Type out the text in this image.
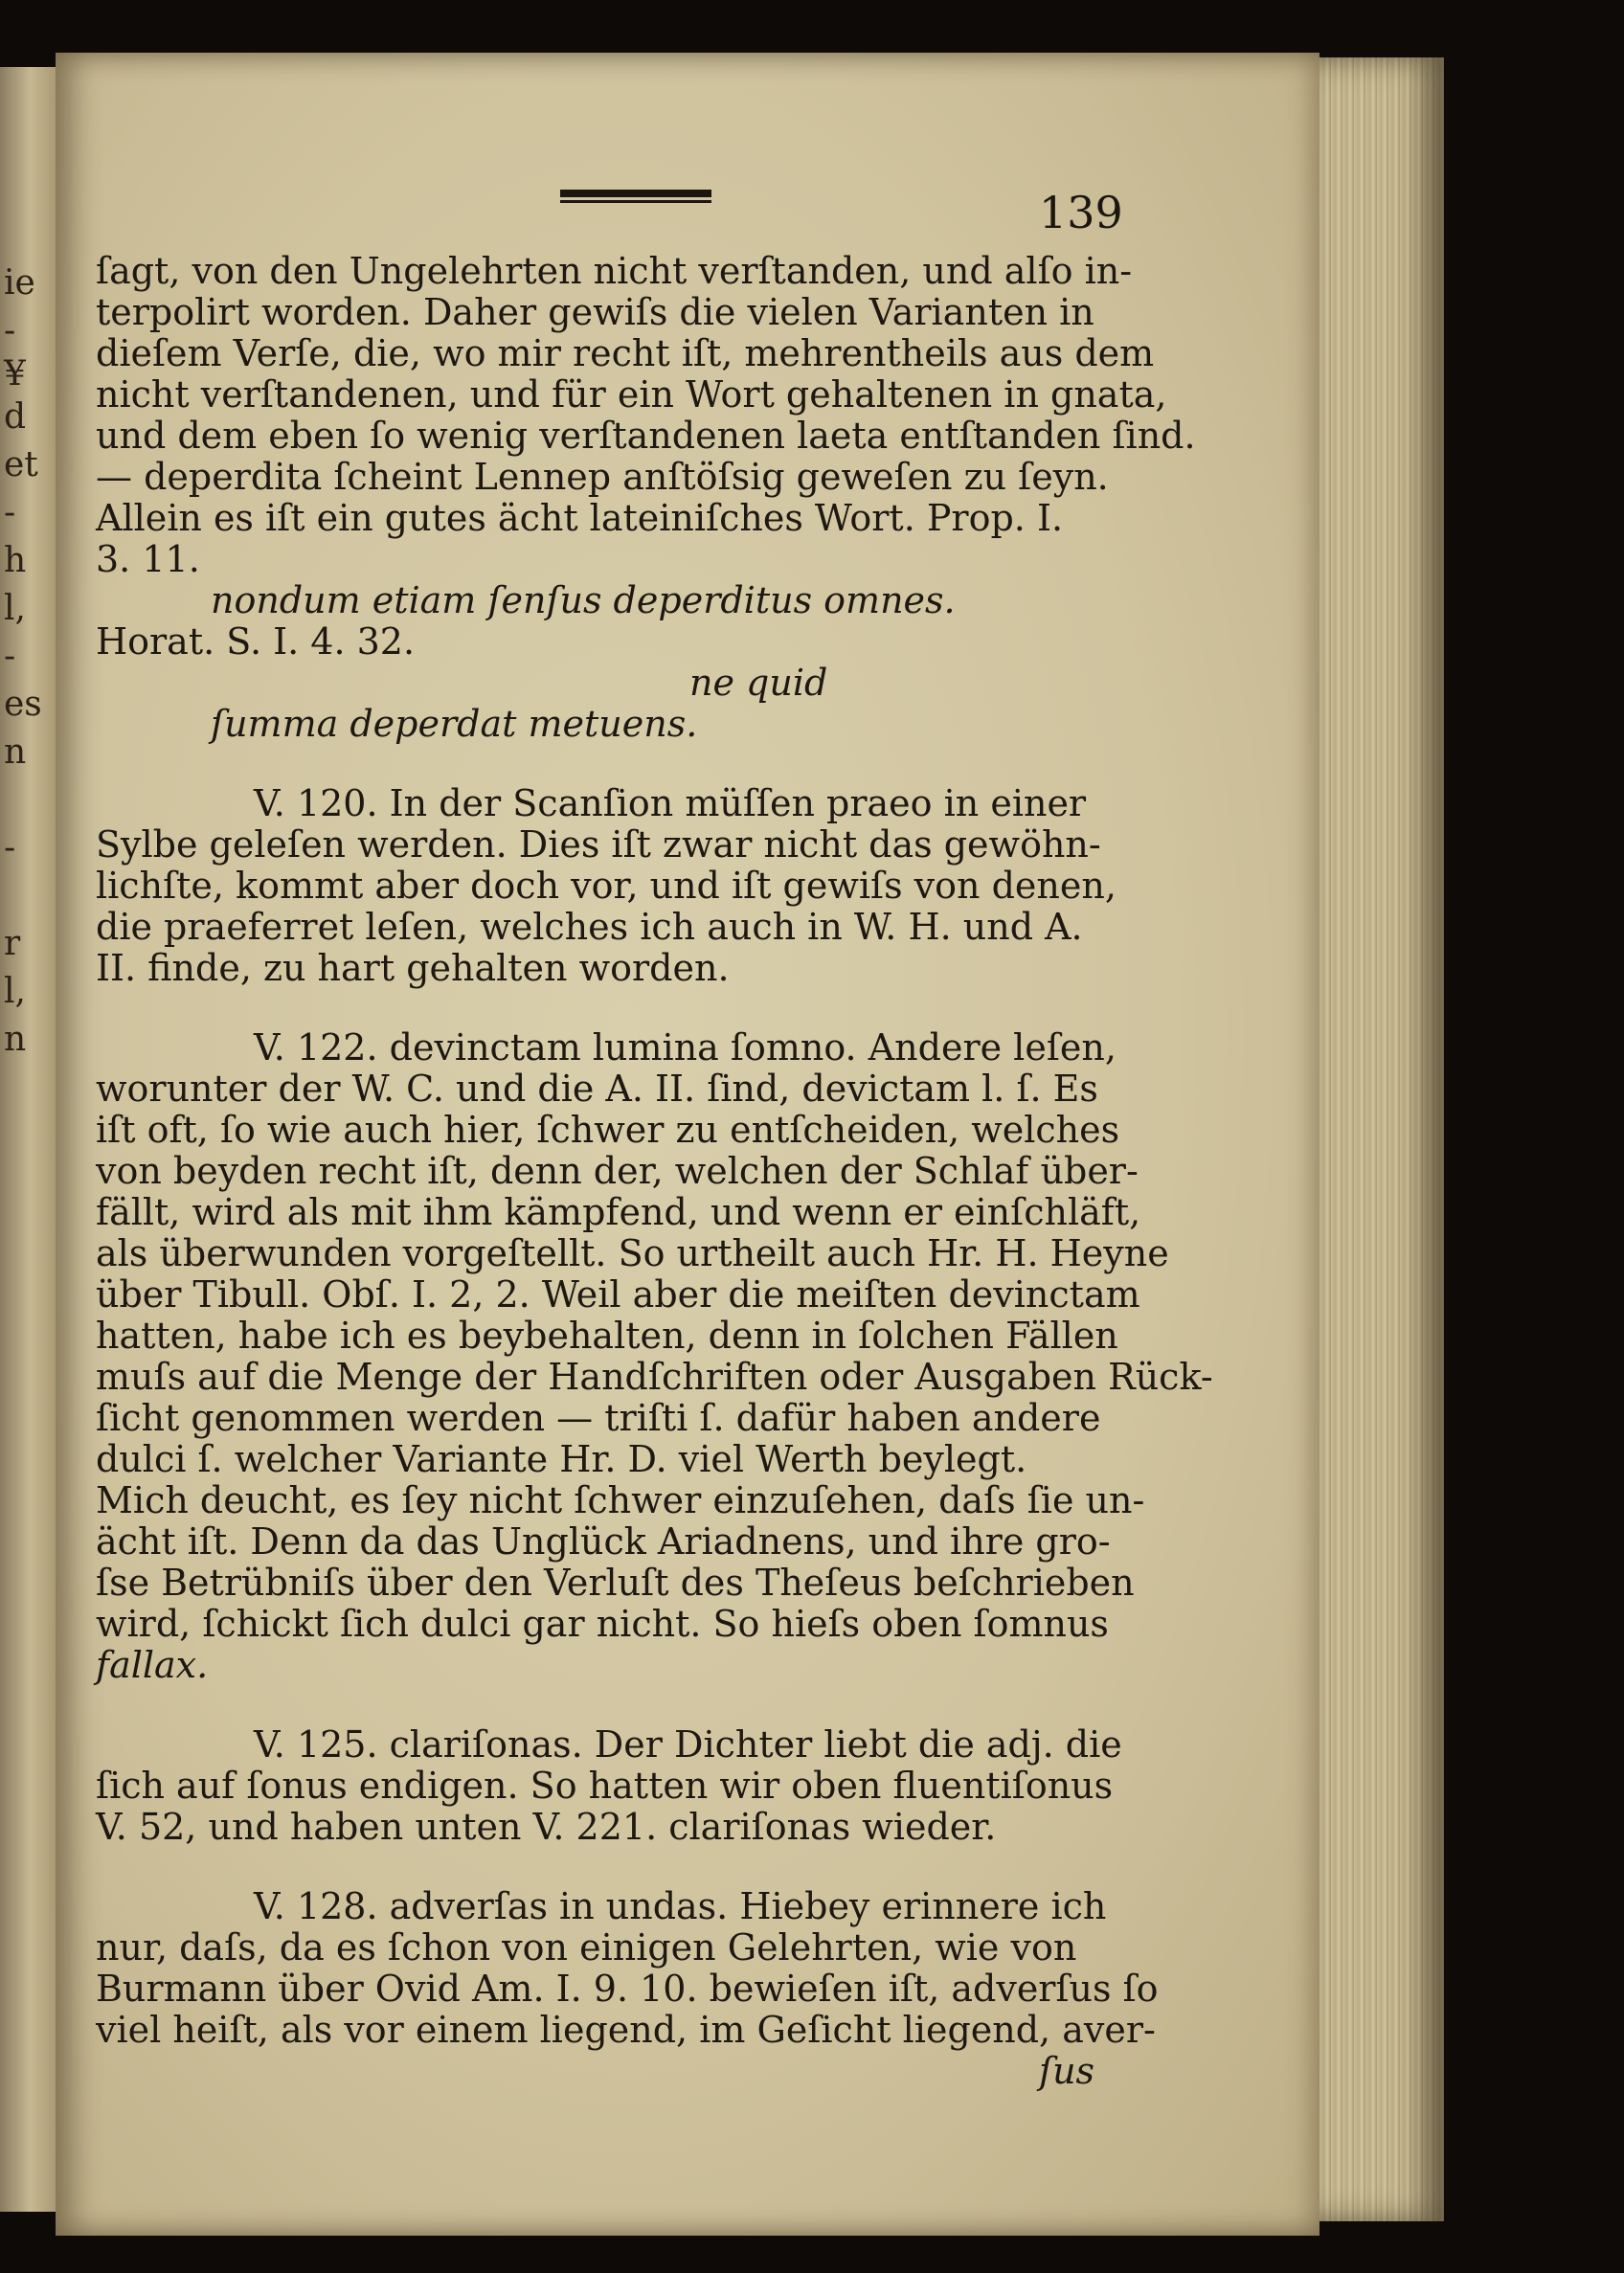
ie
-
¥
d
et
-
h
l,
-
es
n
-
r
l,
n
139
ſagt, von den Ungelehrten nicht verſtanden, und alſo in-
terpolirt worden. Daher gewiſs die vielen Varianten in
dieſem Verſe, die, wo mir recht iſt, mehrentheils aus dem
nicht verſtandenen, und für ein Wort gehaltenen in gnata,
und dem eben ſo wenig verſtandenen laeta entſtanden ſind.
— deperdita ſcheint Lennep anſtöſsig geweſen zu ſeyn.
Allein es iſt ein gutes ächt lateiniſches Wort. Prop. I.
3. 11.
nondum etiam ſenſus deperditus omnes.
Horat. S. I. 4. 32.
ne quid
ſumma deperdat metuens.
V. 120. In der Scanſion müſſen praeo in einer
Sylbe geleſen werden. Dies iſt zwar nicht das gewöhn-
lichſte, kommt aber doch vor, und iſt gewiſs von denen,
die praeferret leſen, welches ich auch in W. H. und A.
II. finde, zu hart gehalten worden.
V. 122. devinctam lumina ſomno. Andere leſen,
worunter der W. C. und die A. II. ſind, devictam l. ſ. Es
iſt oft, ſo wie auch hier, ſchwer zu entſcheiden, welches
von beyden recht iſt, denn der, welchen der Schlaf über-
fällt, wird als mit ihm kämpfend, und wenn er einſchläft,
als überwunden vorgeſtellt. So urtheilt auch Hr. H. Heyne
über Tibull. Obſ. I. 2, 2. Weil aber die meiſten devinctam
hatten, habe ich es beybehalten, denn in ſolchen Fällen
muſs auf die Menge der Handſchriften oder Ausgaben Rück-
ſicht genommen werden — triſti ſ. dafür haben andere
dulci ſ. welcher Variante Hr. D. viel Werth beylegt.
Mich deucht, es ſey nicht ſchwer einzuſehen, daſs ſie un-
ächt iſt. Denn da das Unglück Ariadnens, und ihre gro-
ſse Betrübniſs über den Verluſt des Theſeus beſchrieben
wird, ſchickt ſich dulci gar nicht. So hieſs oben ſomnus
fallax.
V. 125. clariſonas. Der Dichter liebt die adj. die
ſich auf ſonus endigen. So hatten wir oben fluentiſonus
V. 52, und haben unten V. 221. clariſonas wieder.
V. 128. adverſas in undas. Hiebey erinnere ich
nur, daſs, da es ſchon von einigen Gelehrten, wie von
Burmann über Ovid Am. I. 9. 10. bewieſen iſt, adverſus ſo
viel heiſt, als vor einem liegend, im Geſicht liegend, aver-
ſus
